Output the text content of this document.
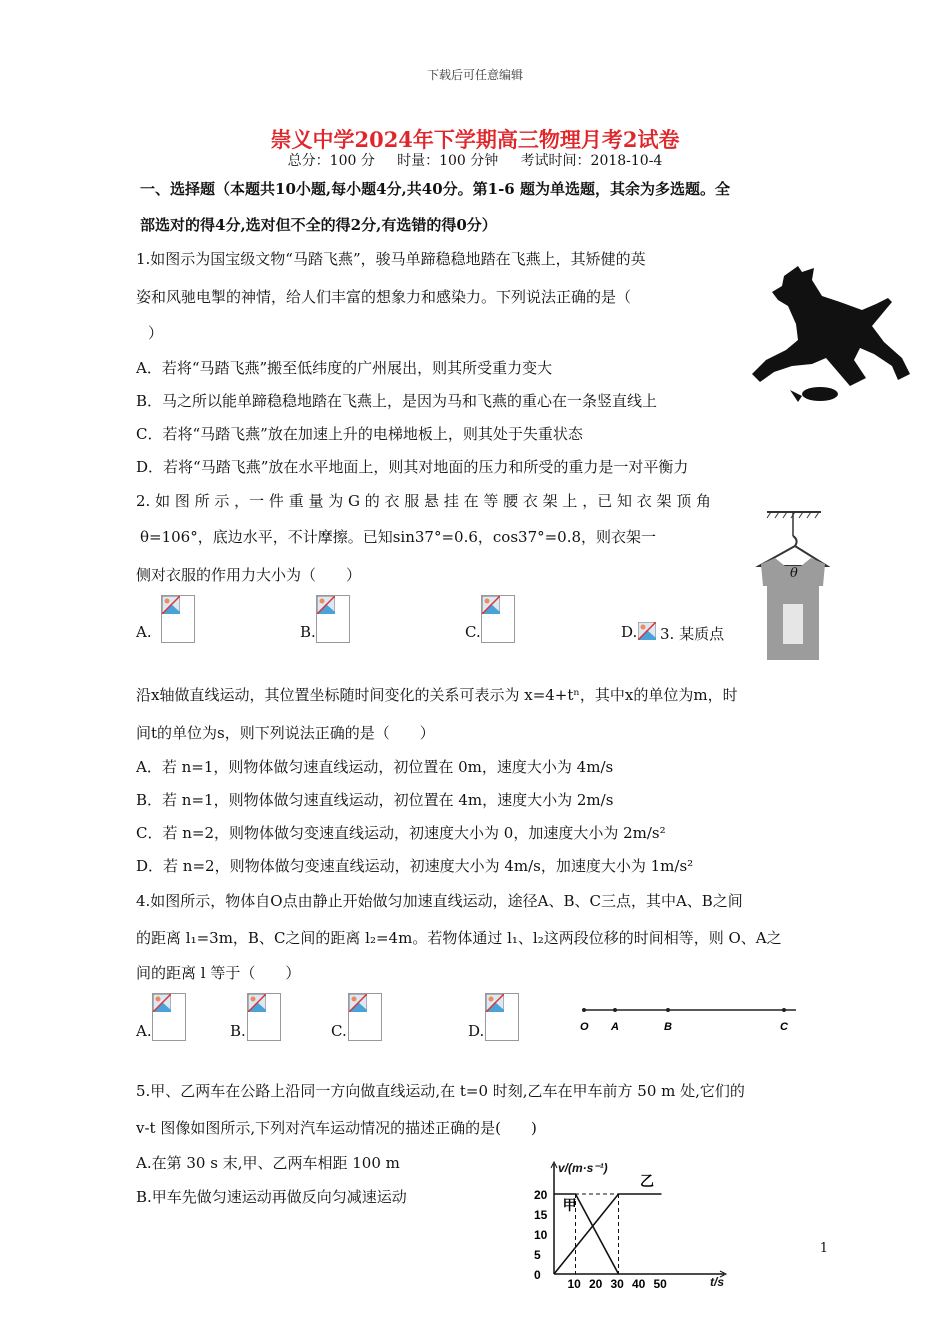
下载后可任意编辑
崇义中学2024年下学期高三物理月考2试卷
总分：100 分 时量：100 分钟 考试时间：2018-10-4
一、选择题（本题共10小题,每小题4分,共40分。第1-6 题为单选题，其余为多选题。全
部选对的得4分,选对但不全的得2分,有选错的得0分）
1.如图示为国宝级文物“马踏飞燕”，骏马单蹄稳稳地踏在飞燕上，其矫健的英
姿和风驰电掣的神情，给人们丰富的想象力和感染力。下列说法正确的是（
）
A．若将“马踏飞燕”搬至低纬度的广州展出，则其所受重力变大
B．马之所以能单蹄稳稳地踏在飞燕上，是因为马和飞燕的重心在一条竖直线上
C．若将“马踏飞燕”放在加速上升的电梯地板上，则其处于失重状态
D．若将“马踏飞燕”放在水平地面上，则其对地面的压力和所受的重力是一对平衡力
2. 如 图 所 示 ，一 件 重 量 为 G 的 衣 服 悬 挂 在 等 腰 衣 架 上 ，已 知 衣 架 顶 角
θ=106°，底边水平，不计摩擦。已知sin37°=0.6，cos37°=0.8，则衣架一
侧对衣服的作用力大小为（　　）	θ
A.	B.	C.	D.	3. 某质点
沿x轴做直线运动，其位置坐标随时间变化的关系可表示为 x=4+tⁿ，其中x的单位为m，时
间t的单位为s，则下列说法正确的是（　　）
A．若 n=1，则物体做匀速直线运动，初位置在 0m，速度大小为 4m/s
B．若 n=1，则物体做匀速直线运动，初位置在 4m，速度大小为 2m/s
C．若 n=2，则物体做匀变速直线运动，初速度大小为 0，加速度大小为 2m/s²
D．若 n=2，则物体做匀变速直线运动，初速度大小为 4m/s，加速度大小为 1m/s²
4.如图所示，物体自O点由静止开始做匀加速直线运动，途径A、B、C三点，其中A、B之间
的距离 l₁=3m，B、C之间的距离 l₂=4m。若物体通过 l₁、l₂这两段位移的时间相等，则 O、A之
间的距离 l 等于（　　）
A.	B.	C.	D.	O A	B	C
5.甲、乙两车在公路上沿同一方向做直线运动,在 t=0 时刻,乙车在甲车前方 50 m 处,它们的
v-t 图像如图所示,下列对汽车运动情况的描述正确的是(　　)
A.在第 30 s 末,甲、乙两车相距 100 m
B.甲车先做匀速运动再做反向匀减速运动
v/(m·s⁻¹)
t/s
10 20 30 40 50
0
5
10
15
20
甲
乙
1
